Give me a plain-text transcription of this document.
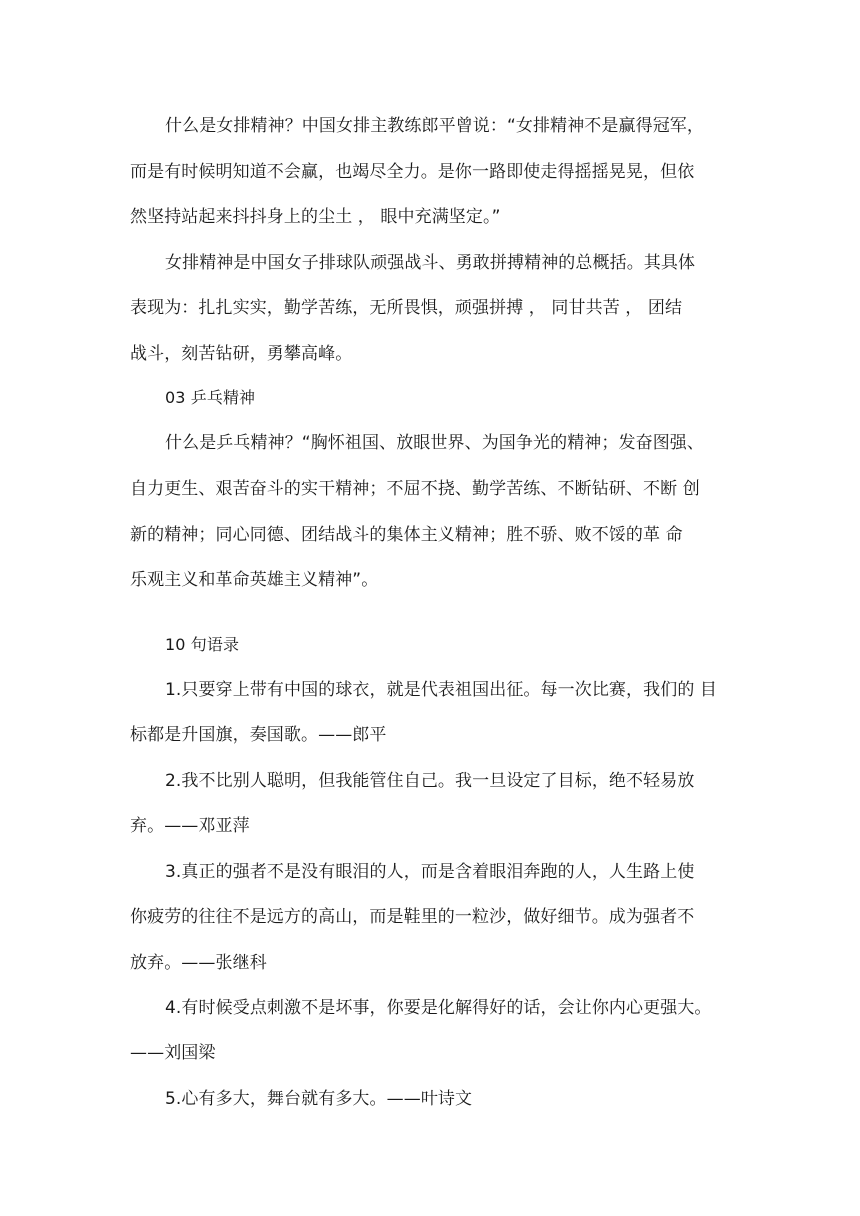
什么是女排精神？中国女排主教练郎平曾说：“女排精神不是赢得冠军，
而是有时候明知道不会赢，也竭尽全力。是你一路即使走得摇摇晃晃，但依
然坚持站起来抖抖身上的尘土 ， 眼中充满坚定。”
女排精神是中国女子排球队顽强战斗、勇敢拼搏精神的总概括。其具体
表现为：扎扎实实，勤学苦练，无所畏惧，顽强拼搏 ， 同甘共苦 ， 团结
战斗，刻苦钻研，勇攀高峰。
03 乒乓精神
什么是乒乓精神？“胸怀祖国、放眼世界、为国争光的精神；发奋图强、
自力更生、艰苦奋斗的实干精神；不屈不挠、勤学苦练、不断钻研、不断 创
新的精神；同心同德、团结战斗的集体主义精神；胜不骄、败不馁的革 命
乐观主义和革命英雄主义精神”。
10 句语录
1.只要穿上带有中国的球衣，就是代表祖国出征。每一次比赛，我们的 目
标都是升国旗，奏国歌。——郎平
2.我不比别人聪明，但我能管住自己。我一旦设定了目标，绝不轻易放
弃。——邓亚萍
3.真正的强者不是没有眼泪的人，而是含着眼泪奔跑的人，人生路上使
你疲劳的往往不是远方的高山，而是鞋里的一粒沙，做好细节。成为强者不
放弃。——张继科
4.有时候受点刺激不是坏事，你要是化解得好的话，会让你内心更强大。
——刘国梁
5.心有多大，舞台就有多大。——叶诗文
